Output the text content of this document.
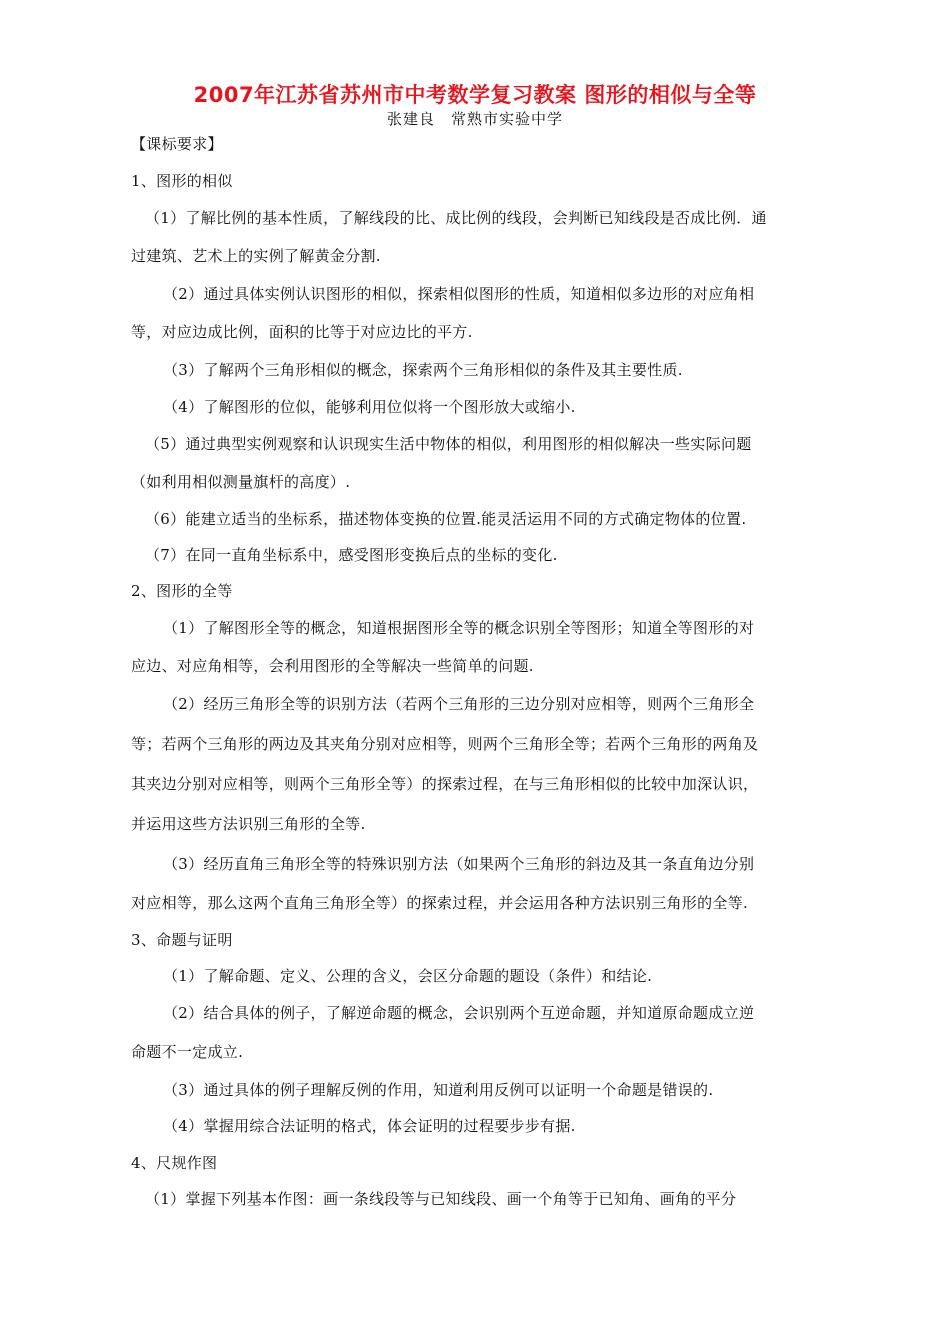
2007年江苏省苏州市中考数学复习教案 图形的相似与全等
张建良　常熟市实验中学
【课标要求】
1、图形的相似
（1）了解比例的基本性质，了解线段的比、成比例的线段，会判断已知线段是否成比例．通
过建筑、艺术上的实例了解黄金分割.
（2）通过具体实例认识图形的相似，探索相似图形的性质，知道相似多边形的对应角相
等，对应边成比例，面积的比等于对应边比的平方.
（3）了解两个三角形相似的概念，探索两个三角形相似的条件及其主要性质.
（4）了解图形的位似，能够利用位似将一个图形放大或缩小.
（5）通过典型实例观察和认识现实生活中物体的相似，利用图形的相似解决一些实际问题
（如利用相似测量旗杆的高度）.
（6）能建立适当的坐标系，描述物体变换的位置.能灵活运用不同的方式确定物体的位置.
（7）在同一直角坐标系中，感受图形变换后点的坐标的变化.
2、图形的全等
（1）了解图形全等的概念，知道根据图形全等的概念识别全等图形；知道全等图形的对
应边、对应角相等，会利用图形的全等解决一些简单的问题.
（2）经历三角形全等的识别方法（若两个三角形的三边分别对应相等，则两个三角形全
等；若两个三角形的两边及其夹角分别对应相等，则两个三角形全等；若两个三角形的两角及
其夹边分别对应相等，则两个三角形全等）的探索过程，在与三角形相似的比较中加深认识，
并运用这些方法识别三角形的全等.
（3）经历直角三角形全等的特殊识别方法（如果两个三角形的斜边及其一条直角边分别
对应相等，那么这两个直角三角形全等）的探索过程，并会运用各种方法识别三角形的全等.
3、命题与证明
（1）了解命题、定义、公理的含义，会区分命题的题设（条件）和结论.
（2）结合具体的例子，了解逆命题的概念，会识别两个互逆命题，并知道原命题成立逆
命题不一定成立.
（3）通过具体的例子理解反例的作用，知道利用反例可以证明一个命题是错误的.
（4）掌握用综合法证明的格式，体会证明的过程要步步有据.
4、尺规作图
（1）掌握下列基本作图：画一条线段等与已知线段、画一个角等于已知角、画角的平分
